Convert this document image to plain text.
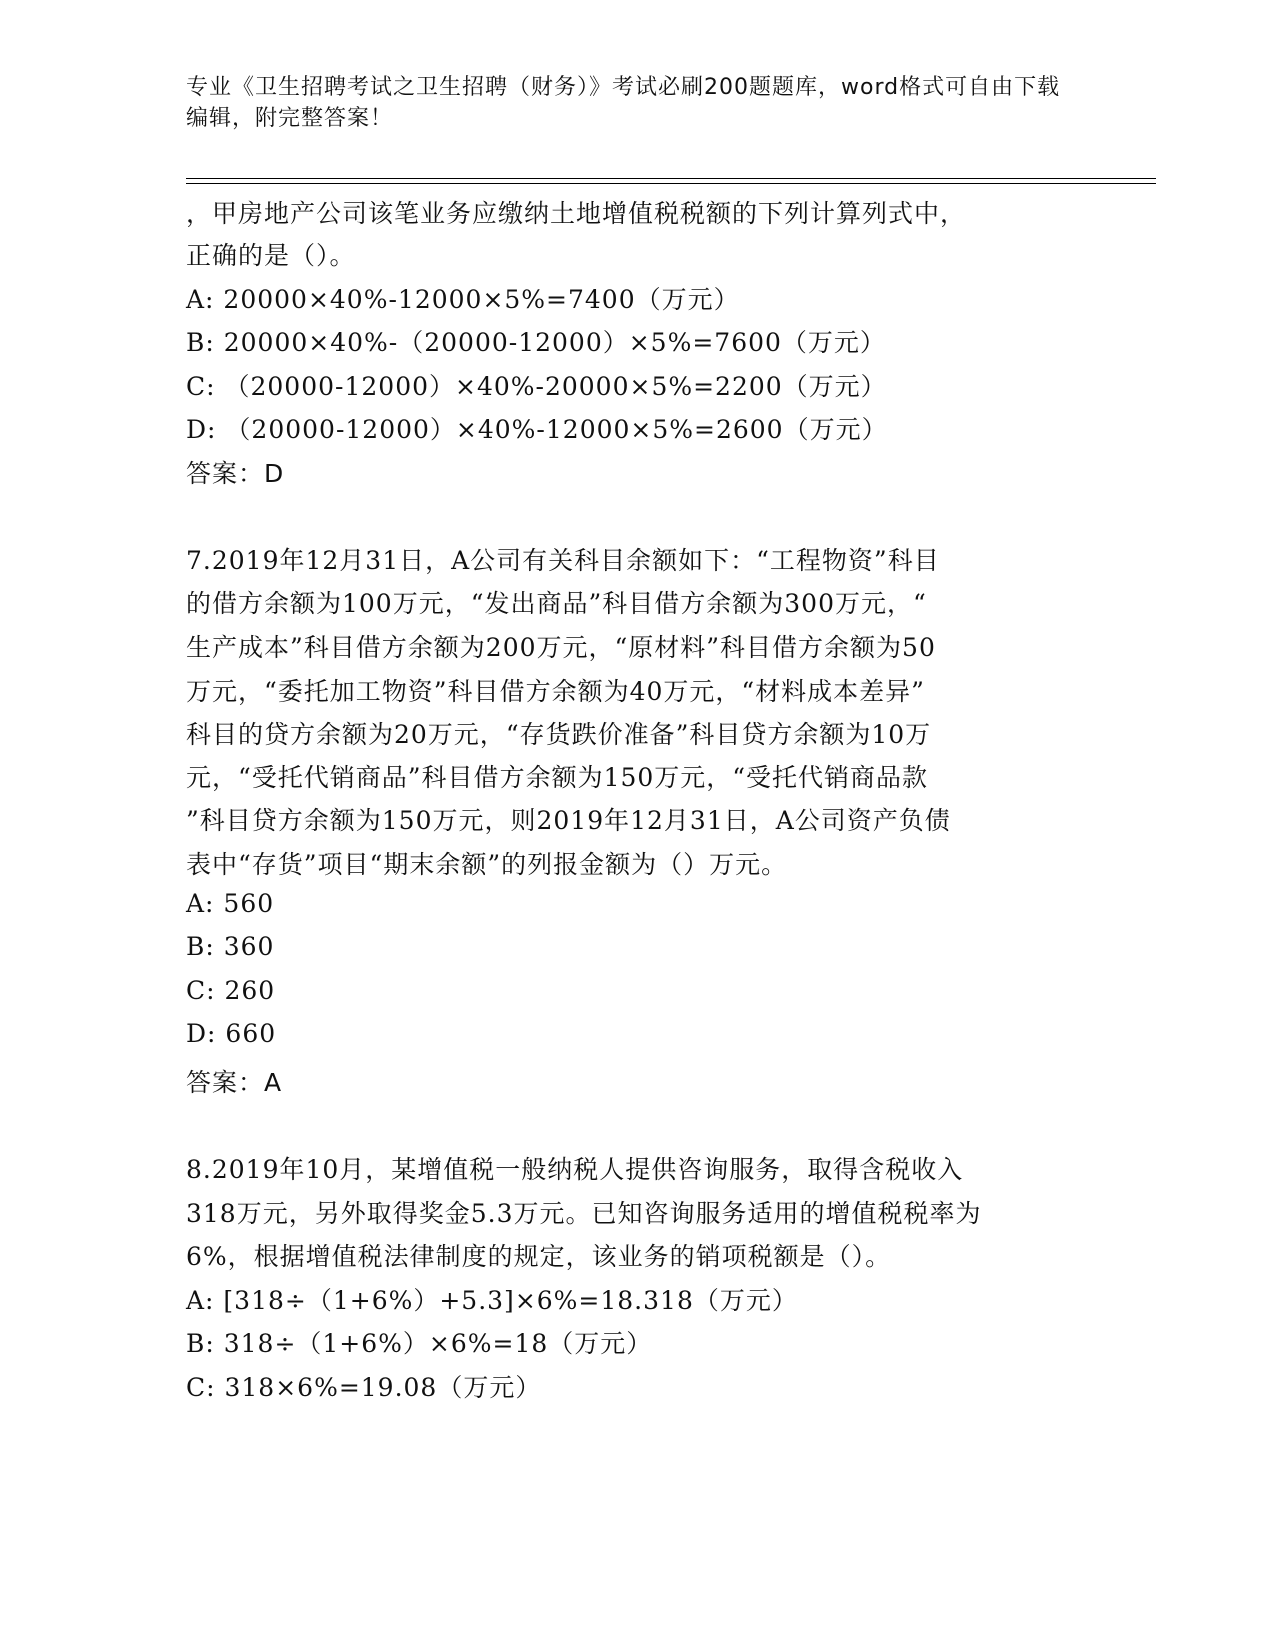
专业《卫生招聘考试之卫生招聘（财务）》考试必刷200题题库，word格式可自由下载编辑，附完整答案！
，甲房地产公司该笔业务应缴纳土地增值税税额的下列计算列式中，
正确的是（）。
A: 20000×40%-12000×5%=7400（万元）
B: 20000×40%-（20000-12000）×5%=7600（万元）
C: （20000-12000）×40%-20000×5%=2200（万元）
D: （20000-12000）×40%-12000×5%=2600（万元）
答案：D
7.2019年12月31日，A公司有关科目余额如下：“工程物资”科目
的借方余额为100万元，“发出商品”科目借方余额为300万元，“
生产成本”科目借方余额为200万元，“原材料”科目借方余额为50
万元，“委托加工物资”科目借方余额为40万元，“材料成本差异”
科目的贷方余额为20万元，“存货跌价准备”科目贷方余额为10万
元，“受托代销商品”科目借方余额为150万元，“受托代销商品款
”科目贷方余额为150万元，则2019年12月31日，A公司资产负债
表中“存货”项目“期末余额”的列报金额为（）万元。
A: 560
B: 360
C: 260
D: 660
答案：A
8.2019年10月，某增值税一般纳税人提供咨询服务，取得含税收入
318万元，另外取得奖金5.3万元。已知咨询服务适用的增值税税率为
6%，根据增值税法律制度的规定，该业务的销项税额是（）。
A: [318÷（1+6%）+5.3]×6%=18.318（万元）
B: 318÷（1+6%）×6%=18（万元）
C: 318×6%=19.08（万元）
